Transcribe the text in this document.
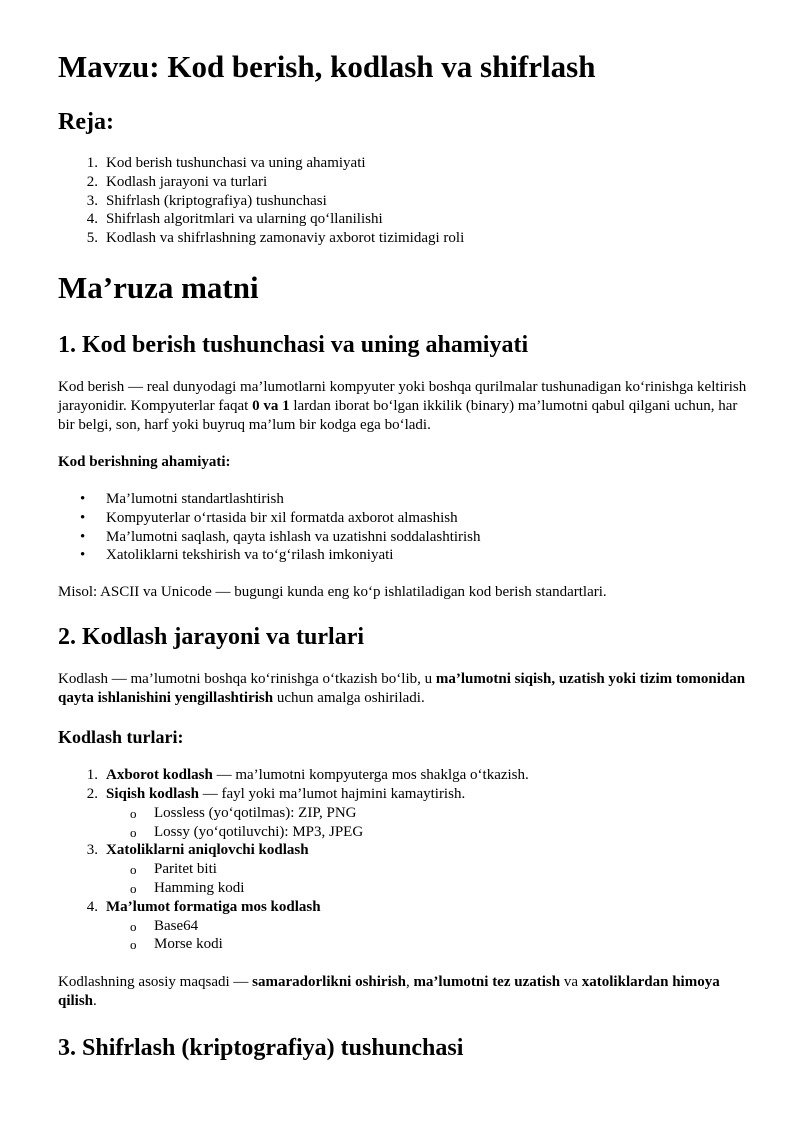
Mavzu: Kod berish, kodlash va shifrlash
Reja:
1. Kod berish tushunchasi va uning ahamiyati
2. Kodlash jarayoni va turlari
3. Shifrlash (kriptografiya) tushunchasi
4. Shifrlash algoritmlari va ularning qo‘llanilishi
5. Kodlash va shifrlashning zamonaviy axborot tizimidagi roli
Ma’ruza matni
1. Kod berish tushunchasi va uning ahamiyati

Kod berish — real dunyodagi ma’lumotlarni kompyuter yoki boshqa qurilmalar tushunadigan ko‘rinishga keltirish jarayonidir. Kompyuterlar faqat 0 va 1 lardan iborat bo‘lgan ikkilik (binary) ma’lumotni qabul qilgani uchun, har bir belgi, son, harf yoki buyruq ma’lum bir kodga ega bo‘ladi.

Kod berishning ahamiyati:

• Ma’lumotni standartlashtirish
• Kompyuterlar o‘rtasida bir xil formatda axborot almashish
• Ma’lumotni saqlash, qayta ishlash va uzatishni soddalashtirish
• Xatoliklarni tekshirish va to‘g‘rilash imkoniyati

Misol: ASCII va Unicode — bugungi kunda eng ko‘p ishlatiladigan kod berish standartlari.

2. Kodlash jarayoni va turlari

Kodlash — ma’lumotni boshqa ko‘rinishga o‘tkazish bo‘lib, u ma’lumotni siqish, uzatish yoki tizim tomonidan qayta ishlanishini yengillashtirish uchun amalga oshiriladi.

Kodlash turlari:
1. Axborot kodlash — ma’lumotni kompyuterga mos shaklga o‘tkazish.
2. Siqish kodlash — fayl yoki ma’lumot hajmini kamaytirish.
o Lossless (yo‘qotilmas): ZIP, PNG
o Lossy (yo‘qotiluvchi): MP3, JPEG
3. Xatoliklarni aniqlovchi kodlash
o Paritet biti
o Hamming kodi
4. Ma’lumot formatiga mos kodlash
o Base64
o Morse kodi

Kodlashning asosiy maqsadi — samaradorlikni oshirish, ma’lumotni tez uzatish va xatoliklardan himoya qilish.

3. Shifrlash (kriptografiya) tushunchasi
